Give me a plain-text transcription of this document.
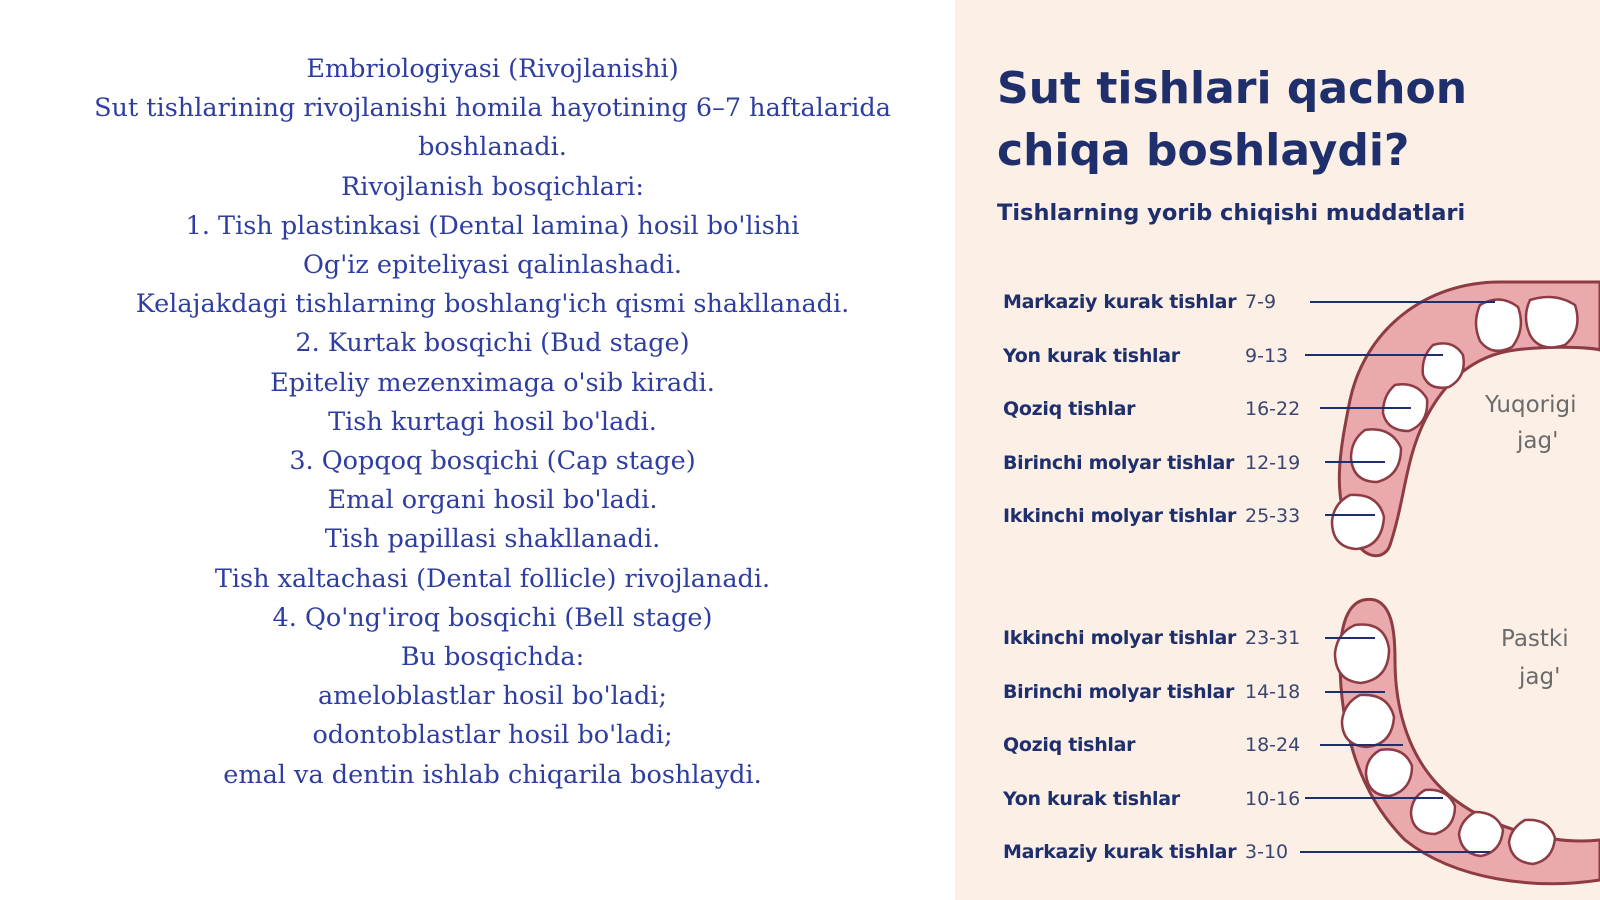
Embriologiyasi (Rivojlanishi)
Sut tishlarining rivojlanishi homila hayotining 6–7 haftalarida
boshlanadi.
Rivojlanish bosqichlari:
1. Tish plastinkasi (Dental lamina) hosil bo'lishi
Og'iz epiteliyasi qalinlashadi.
Kelajakdagi tishlarning boshlang'ich qismi shakllanadi.
2. Kurtak bosqichi (Bud stage)
Epiteliy mezenximaga o'sib kiradi.
Tish kurtagi hosil bo'ladi.
3. Qopqoq bosqichi (Cap stage)
Emal organi hosil bo'ladi.
Tish papillasi shakllanadi.
Tish xaltachasi (Dental follicle) rivojlanadi.
4. Qo'ng'iroq bosqichi (Bell stage)
Bu bosqichda:
ameloblastlar hosil bo'ladi;
odontoblastlar hosil bo'ladi;
emal va dentin ishlab chiqarila boshlaydi.
Yuqorigi
jag'
Pastki
jag'
Sut tishlari qachon
chiqa boshlaydi?
Tishlarning yorib chiqishi muddatlari
Markaziy kurak tishlar 7-9
Yon kurak tishlar	9-13
Qoziq tishlar	16-22
Birinchi molyar tishlar 12-19
Ikkinchi molyar tishlar 25-33
Ikkinchi molyar tishlar 23-31
Birinchi molyar tishlar 14-18
Qoziq tishlar	18-24
Yon kurak tishlar	10-16
Markaziy kurak tishlar 3-10
